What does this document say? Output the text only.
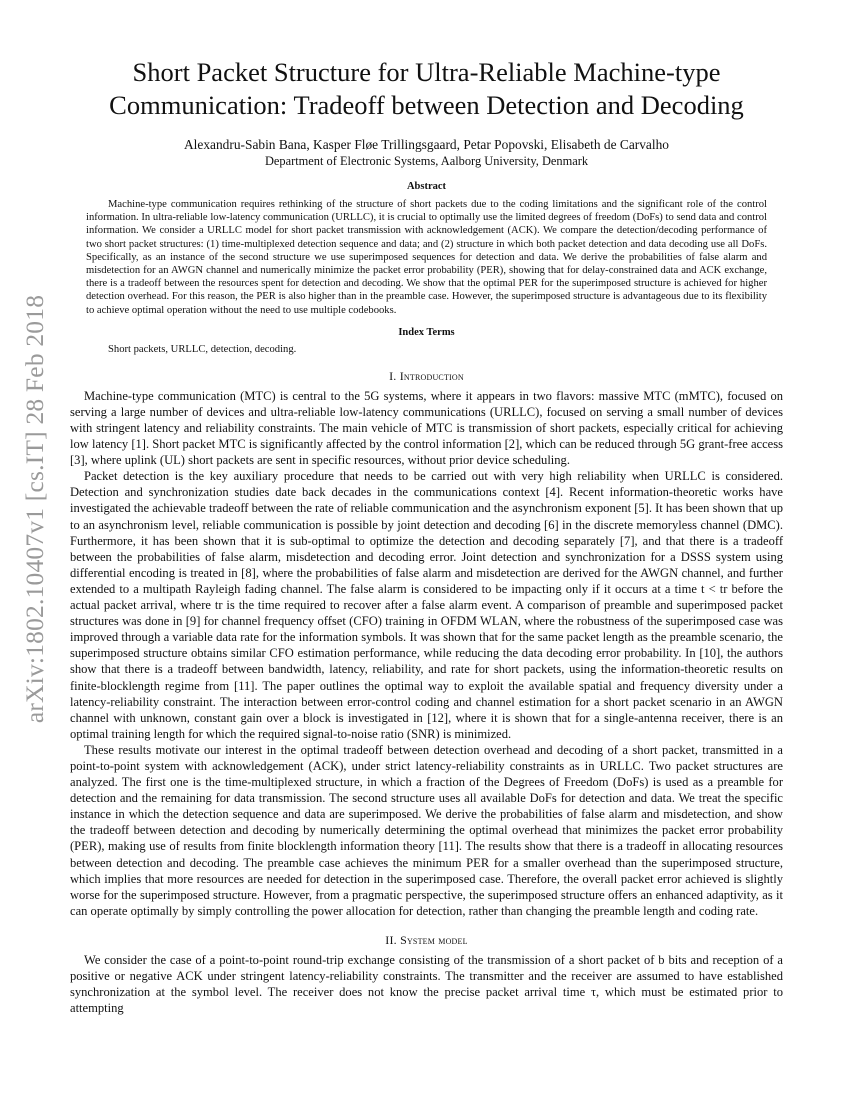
arXiv:1802.10407v1 [cs.IT] 28 Feb 2018
Short Packet Structure for Ultra-Reliable Machine-type Communication: Tradeoff between Detection and Decoding
Alexandru-Sabin Bana, Kasper Fløe Trillingsgaard, Petar Popovski, Elisabeth de Carvalho
Department of Electronic Systems, Aalborg University, Denmark
Abstract

Machine-type communication requires rethinking of the structure of short packets due to the coding limitations and the significant role of the control information. In ultra-reliable low-latency communication (URLLC), it is crucial to optimally use the limited degrees of freedom (DoFs) to send data and control information. We consider a URLLC model for short packet transmission with acknowledgement (ACK). We compare the detection/decoding performance of two short packet structures: (1) time-multiplexed detection sequence and data; and (2) structure in which both packet detection and data decoding use all DoFs. Specifically, as an instance of the second structure we use superimposed sequences for detection and data. We derive the probabilities of false alarm and misdetection for an AWGN channel and numerically minimize the packet error probability (PER), showing that for delay-constrained data and ACK exchange, there is a tradeoff between the resources spent for detection and decoding. We show that the optimal PER for the superimposed structure is achieved for higher detection overhead. For this reason, the PER is also higher than in the preamble case. However, the superimposed structure is advantageous due to its flexibility to achieve optimal operation without the need to use multiple codebooks.

Index Terms

Short packets, URLLC, detection, decoding.

I. Introduction

Machine-type communication (MTC) is central to the 5G systems, where it appears in two flavors: massive MTC (mMTC), focused on serving a large number of devices and ultra-reliable low-latency communications (URLLC), focused on serving a small number of devices with stringent latency and reliability constraints. The main vehicle of MTC is transmission of short packets, especially critical for achieving low latency [1]. Short packet MTC is significantly affected by the control information [2], which can be reduced through 5G grant-free access [3], where uplink (UL) short packets are sent in specific resources, without prior device scheduling.

Packet detection is the key auxiliary procedure that needs to be carried out with very high reliability when URLLC is considered. Detection and synchronization studies date back decades in the communications context [4]. Recent information-theoretic works have investigated the achievable tradeoff between the rate of reliable communication and the asynchronism exponent [5]. It has been shown that up to an asynchronism level, reliable communication is possible by joint detection and decoding [6] in the discrete memoryless channel (DMC). Furthermore, it has been shown that it is sub-optimal to optimize the detection and decoding separately [7], and that there is a tradeoff between the probabilities of false alarm, misdetection and decoding error. Joint detection and synchronization for a DSSS system using differential encoding is treated in [8], where the probabilities of false alarm and misdetection are derived for the AWGN channel, and further extended to a multipath Rayleigh fading channel. The false alarm is considered to be impacting only if it occurs at a time t < tr before the actual packet arrival, where tr is the time required to recover after a false alarm event. A comparison of preamble and superimposed packet structures was done in [9] for channel frequency offset (CFO) training in OFDM WLAN, where the robustness of the superimposed case was improved through a variable data rate for the information symbols. It was shown that for the same packet length as the preamble scenario, the superimposed structure obtains similar CFO estimation performance, while reducing the data decoding error probability. In [10], the authors show that there is a tradeoff between bandwidth, latency, reliability, and rate for short packets, using the information-theoretic results on finite-blocklength regime from [11]. The paper outlines the optimal way to exploit the available spatial and frequency diversity under a latency-reliability constraint. The interaction between error-control coding and channel estimation for a short packet scenario in an AWGN channel with unknown, constant gain over a block is investigated in [12], where it is shown that for a single-antenna receiver, there is an optimal training length for which the required signal-to-noise ratio (SNR) is minimized.

These results motivate our interest in the optimal tradeoff between detection overhead and decoding of a short packet, transmitted in a point-to-point system with acknowledgement (ACK), under strict latency-reliability constraints as in URLLC. Two packet structures are analyzed. The first one is the time-multiplexed structure, in which a fraction of the Degrees of Freedom (DoFs) is used as a preamble for detection and the remaining for data transmission. The second structure uses all available DoFs for detection and data. We treat the specific instance in which the detection sequence and data are superimposed. We derive the probabilities of false alarm and misdetection, and show the tradeoff between detection and decoding by numerically determining the optimal overhead that minimizes the packet error probability (PER), making use of results from finite blocklength information theory [11]. The results show that there is a tradeoff in allocating resources between detection and decoding. The preamble case achieves the minimum PER for a smaller overhead than the superimposed structure, which implies that more resources are needed for detection in the superimposed case. Therefore, the overall packet error achieved is slightly worse for the superimposed structure. However, from a pragmatic perspective, the superimposed structure offers an enhanced adaptivity, as it can operate optimally by simply controlling the power allocation for detection, rather than changing the preamble length and coding rate.

II. System model

We consider the case of a point-to-point round-trip exchange consisting of the transmission of a short packet of b bits and reception of a positive or negative ACK under stringent latency-reliability constraints. The transmitter and the receiver are assumed to have established synchronization at the symbol level. The receiver does not know the precise packet arrival time τ, which must be estimated prior to attempting
